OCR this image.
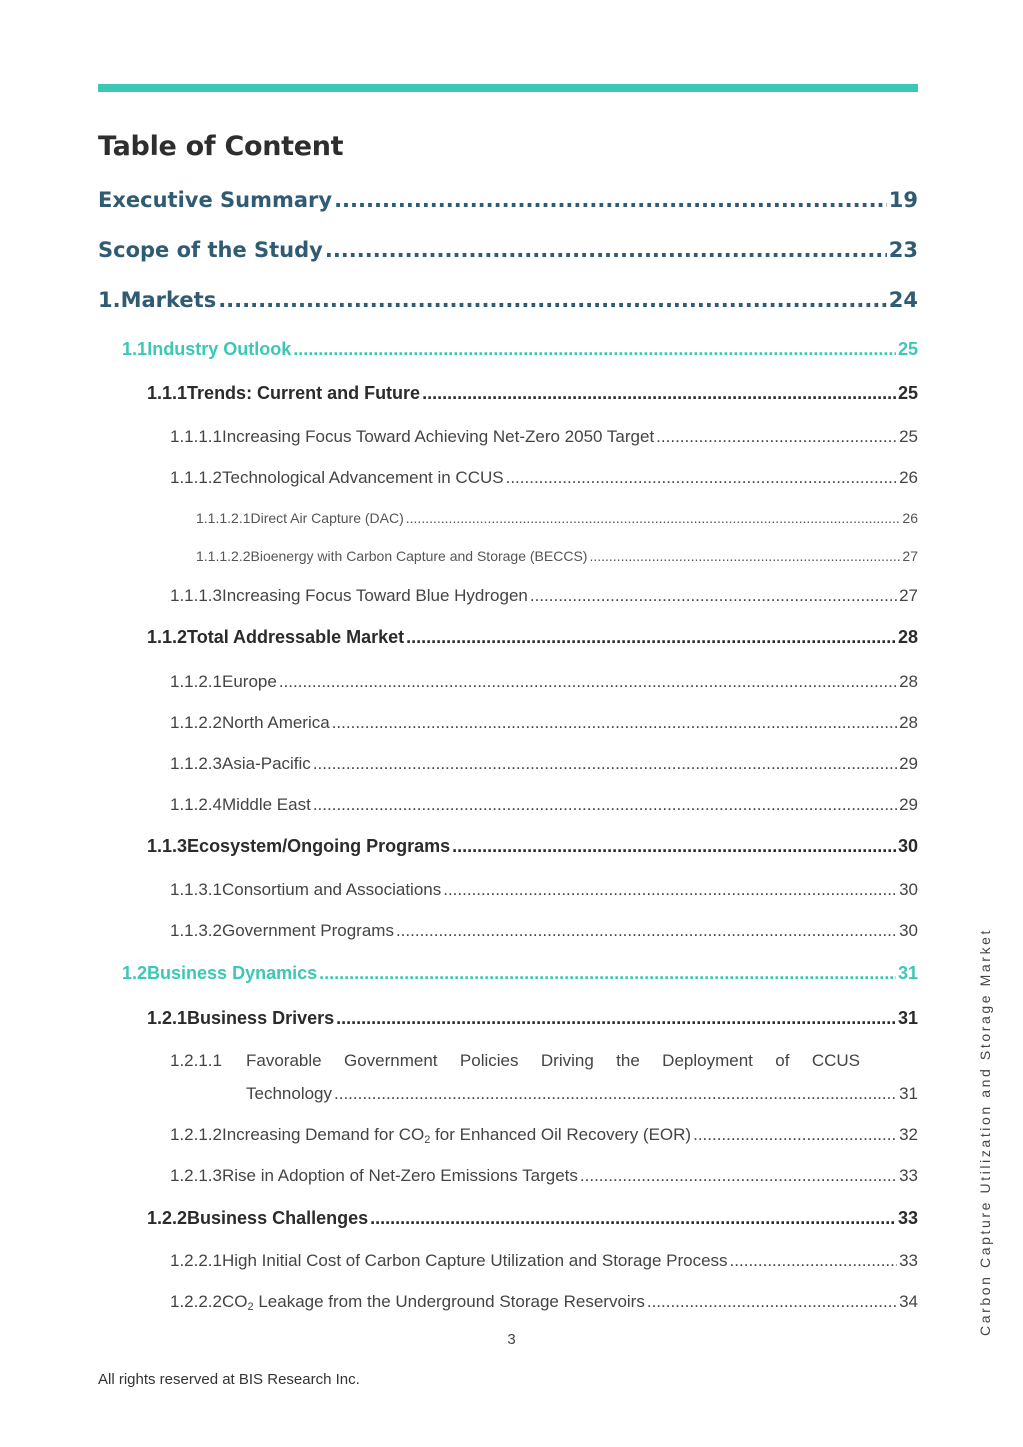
Table of Content
Executive Summary .....	19
Scope of the Study .....	23
1. Markets .....	24
1.1 Industry Outlook .....	25
1.1.1 Trends: Current and Future .....	25
1.1.1.1 Increasing Focus Toward Achieving Net-Zero 2050 Target .....	25
1.1.1.2 Technological Advancement in CCUS .....	26
1.1.1.2.1 Direct Air Capture (DAC) .....	26
1.1.1.2.2 Bioenergy with Carbon Capture and Storage (BECCS) .....	27
1.1.1.3 Increasing Focus Toward Blue Hydrogen .....	27
1.1.2 Total Addressable Market .....	28
1.1.2.1 Europe .....	28
1.1.2.2 North America .....	28
1.1.2.3 Asia-Pacific .....	29
1.1.2.4 Middle East .....	29
1.1.3 Ecosystem/Ongoing Programs .....	30
1.1.3.1 Consortium and Associations .....	30
1.1.3.2 Government Programs .....	30
1.2 Business Dynamics .....	31
1.2.1 Business Drivers .....	31
1.2.1.1 Favorable Government Policies Driving the Deployment of CCUS
Technology .....	31
1.2.1.2 Increasing Demand for $CO_2$ for Enhanced Oil Recovery (EOR) .....	32
1.2.1.3 Rise in Adoption of Net-Zero Emissions Targets .....	33
1.2.2 Business Challenges .....	33
1.2.2.1 High Initial Cost of Carbon Capture Utilization and Storage Process .....	33
1.2.2.2 $CO_2$ Leakage from the Underground Storage Reservoirs .....	34
3
All rights reserved at BIS Research Inc.
Carbon Capture Utilization and Storage Market
